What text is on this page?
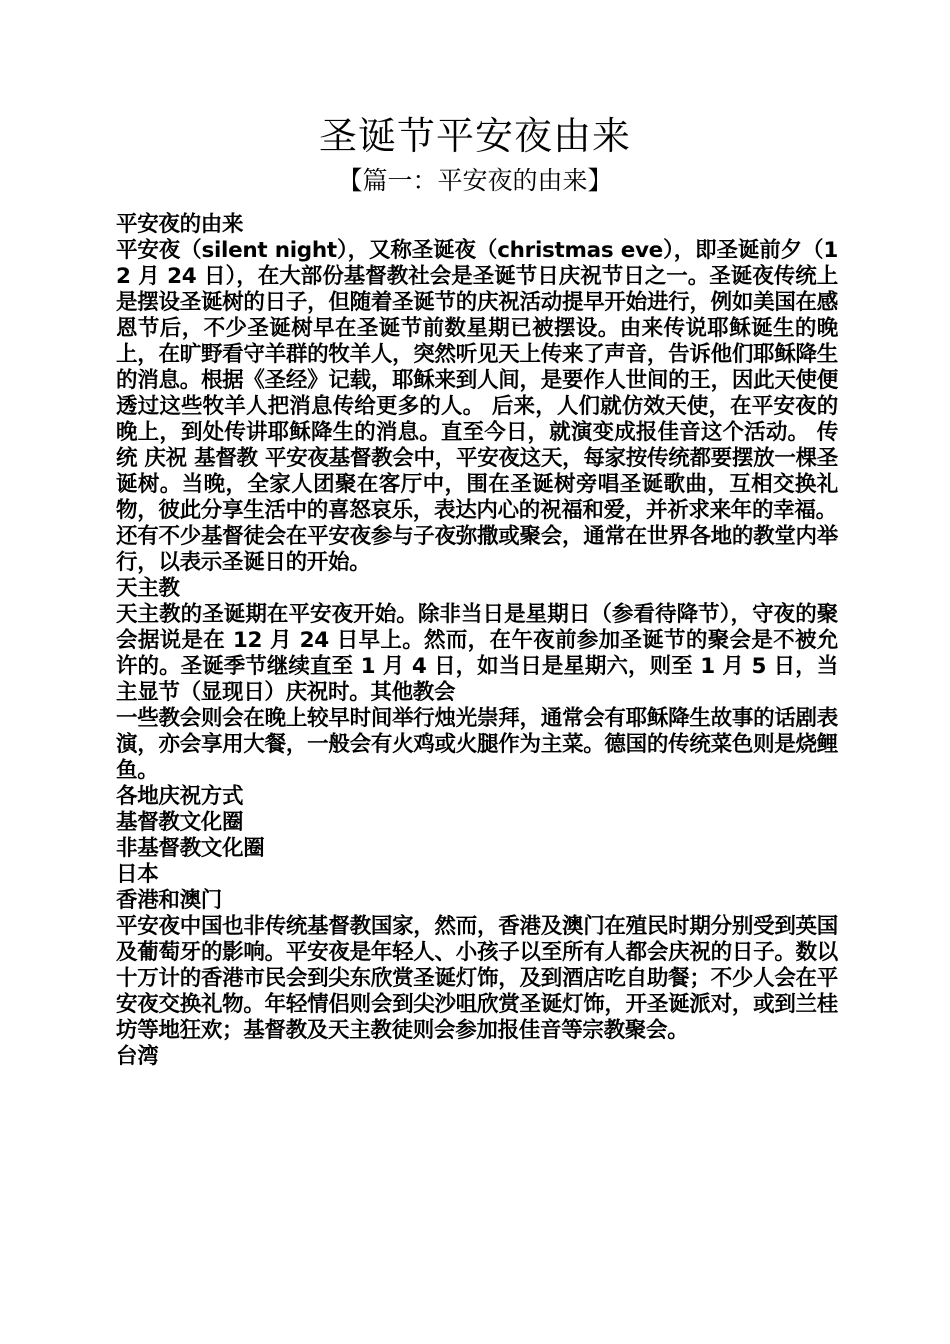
圣诞节平安夜由来
【篇一：平安夜的由来】

平安夜的由来

平安夜（silent night），又称圣诞夜（christmas eve），即圣诞前夕（12 月 24 日），在大部份基督教社会是圣诞节日庆祝节日之一。圣诞夜传统上是摆设圣诞树的日子，但随着圣诞节的庆祝活动提早开始进行，例如美国在感恩节后，不少圣诞树早在圣诞节前数星期已被摆设。由来传说耶稣诞生的晚上，在旷野看守羊群的牧羊人，突然听见天上传来了声音，告诉他们耶稣降生的消息。根据《圣经》记载，耶稣来到人间，是要作人世间的王，因此天使便透过这些牧羊人把消息传给更多的人。 后来，人们就仿效天使，在平安夜的晚上，到处传讲耶稣降生的消息。直至今日，就演变成报佳音这个活动。 传统 庆祝 基督教 平安夜基督教会中，平安夜这天，每家按传统都要摆放一棵圣诞树。当晚，全家人团聚在客厅中，围在圣诞树旁唱圣诞歌曲，互相交换礼物，彼此分享生活中的喜怒哀乐，表达内心的祝福和爱，并祈求来年的幸福。

还有不少基督徒会在平安夜参与子夜弥撒或聚会，通常在世界各地的教堂内举行，以表示圣诞日的开始。

天主教

天主教的圣诞期在平安夜开始。除非当日是星期日（参看待降节），守夜的聚会据说是在 12 月 24 日早上。然而，在午夜前参加圣诞节的聚会是不被允许的。圣诞季节继续直至 1 月 4 日，如当日是星期六，则至 1 月 5 日，当主显节（显现日）庆祝时。其他教会

一些教会则会在晚上较早时间举行烛光崇拜，通常会有耶稣降生故事的话剧表演，亦会享用大餐，一般会有火鸡或火腿作为主菜。德国的传统菜色则是烧鲤鱼。

各地庆祝方式

基督教文化圈

非基督教文化圈

日本

香港和澳门

平安夜中国也非传统基督教国家，然而，香港及澳门在殖民时期分别受到英国及葡萄牙的影响。平安夜是年轻人、小孩子以至所有人都会庆祝的日子。数以十万计的香港市民会到尖东欣赏圣诞灯饰，及到酒店吃自助餐；不少人会在平安夜交换礼物。年轻情侣则会到尖沙咀欣赏圣诞灯饰，开圣诞派对，或到兰桂坊等地狂欢；基督教及天主教徒则会参加报佳音等宗教聚会。

台湾
